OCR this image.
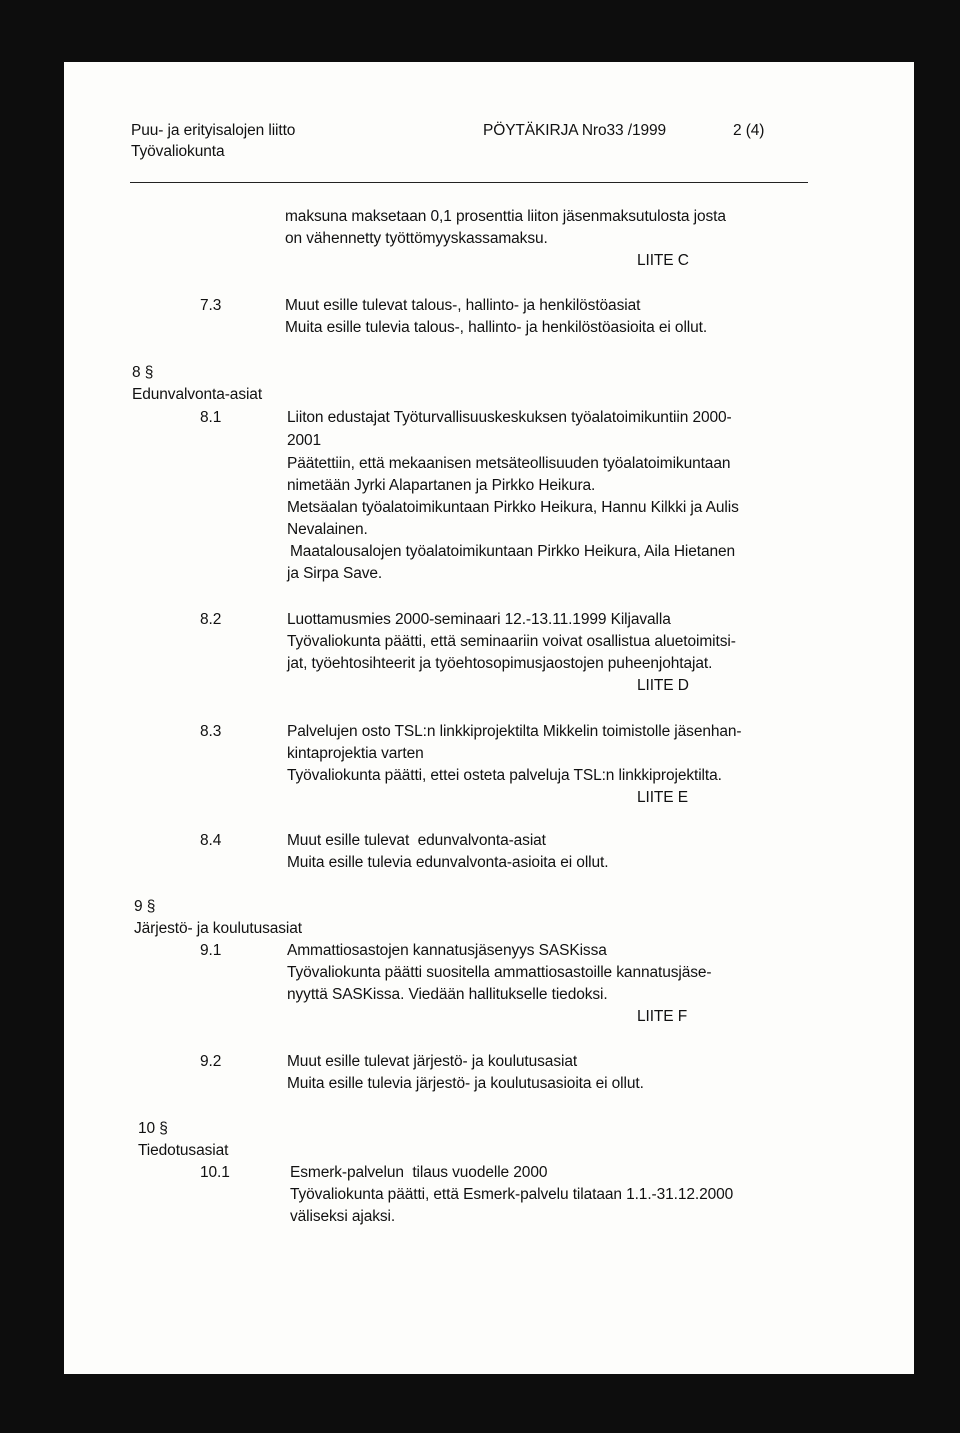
Puu- ja erityisalojen liitto
Työvaliokunta
PÖYTÄKIRJA Nro33 /1999	2 (4)
maksuna maksetaan 0,1 prosenttia liiton jäsenmaksutulosta josta
on vähennetty työttömyyskassamaksu.
LIITE C
7.3	Muut esille tulevat talous-, hallinto- ja henkilöstöasiat
Muita esille tulevia talous-, hallinto- ja henkilöstöasioita ei ollut.
8 §
Edunvalvonta-asiat
8.1	Liiton edustajat Työturvallisuuskeskuksen työalatoimikuntiin 2000-
2001
Päätettiin, että mekaanisen metsäteollisuuden työalatoimikuntaan
nimetään Jyrki Alapartanen ja Pirkko Heikura.
Metsäalan työalatoimikuntaan Pirkko Heikura, Hannu Kilkki ja Aulis
Nevalainen.
Maatalousalojen työalatoimikuntaan Pirkko Heikura, Aila Hietanen
ja Sirpa Save.
8.2	Luottamusmies 2000-seminaari 12.-13.11.1999 Kiljavalla
Työvaliokunta päätti, että seminaariin voivat osallistua aluetoimitsi-
jat, työehtosihteerit ja työehtosopimusjaostojen puheenjohtajat.
LIITE D
8.3	Palvelujen osto TSL:n linkkiprojektilta Mikkelin toimistolle jäsenhan-
kintaprojektia varten
Työvaliokunta päätti, ettei osteta palveluja TSL:n linkkiprojektilta.
LIITE E
8.4	Muut esille tulevat  edunvalvonta-asiat
Muita esille tulevia edunvalvonta-asioita ei ollut.
9 §
Järjestö- ja koulutusasiat
9.1	Ammattiosastojen kannatusjäsenyys SASKissa
Työvaliokunta päätti suositella ammattiosastoille kannatusjäse-
nyyttä SASKissa. Viedään hallitukselle tiedoksi.
LIITE F
9.2	Muut esille tulevat järjestö- ja koulutusasiat
Muita esille tulevia järjestö- ja koulutusasioita ei ollut.
10 §
Tiedotusasiat
10.1	Esmerk-palvelun  tilaus vuodelle 2000
Työvaliokunta päätti, että Esmerk-palvelu tilataan 1.1.-31.12.2000
väliseksi ajaksi.
